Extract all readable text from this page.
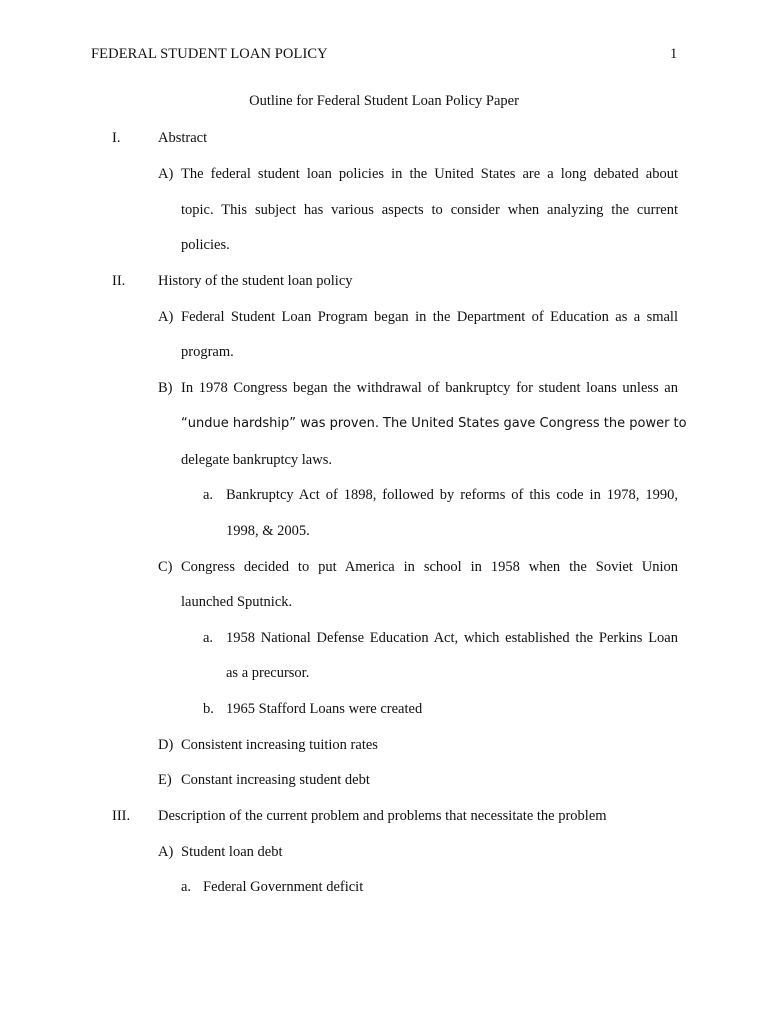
FEDERAL STUDENT LOAN POLICY	1
Outline for Federal Student Loan Policy Paper
I.	Abstract
A) The federal student loan policies in the United States are a long debated about
topic. This subject has various aspects to consider when analyzing the current
policies.
II. History of the student loan policy
A) Federal Student Loan Program began in the Department of Education as a small
program.
B) In 1978 Congress began the withdrawal of bankruptcy for student loans unless an
“undue hardship” was proven. The United States gave Congress the power to
delegate bankruptcy laws.
a. Bankruptcy Act of 1898, followed by reforms of this code in 1978, 1990,
1998, & 2005.
C) Congress decided to put America in school in 1958 when the Soviet Union
launched Sputnick.
a. 1958 National Defense Education Act, which established the Perkins Loan
as a precursor.
b. 1965 Stafford Loans were created
D) Consistent increasing tuition rates
E) Constant increasing student debt
III. Description of the current problem and problems that necessitate the problem
A) Student loan debt
a. Federal Government deficit
